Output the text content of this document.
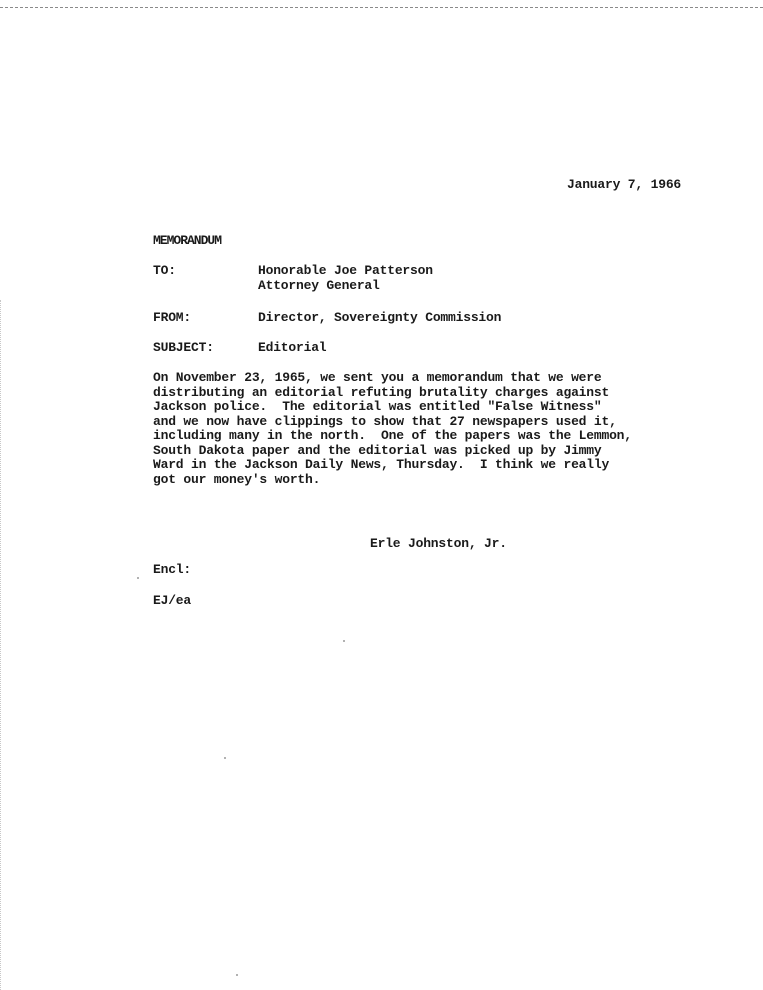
January 7, 1966
MEMORANDUM
TO:	Honorable Joe Patterson
Attorney General
FROM:	Director, Sovereignty Commission
SUBJECT:	Editorial
On November 23, 1965, we sent you a memorandum that we were
distributing an editorial refuting brutality charges against
Jackson police.  The editorial was entitled "False Witness"
and we now have clippings to show that 27 newspapers used it,
including many in the north.  One of the papers was the Lemmon,
South Dakota paper and the editorial was picked up by Jimmy
Ward in the Jackson Daily News, Thursday.  I think we really
got our money's worth.
Erle Johnston, Jr.
Encl:
EJ/ea
